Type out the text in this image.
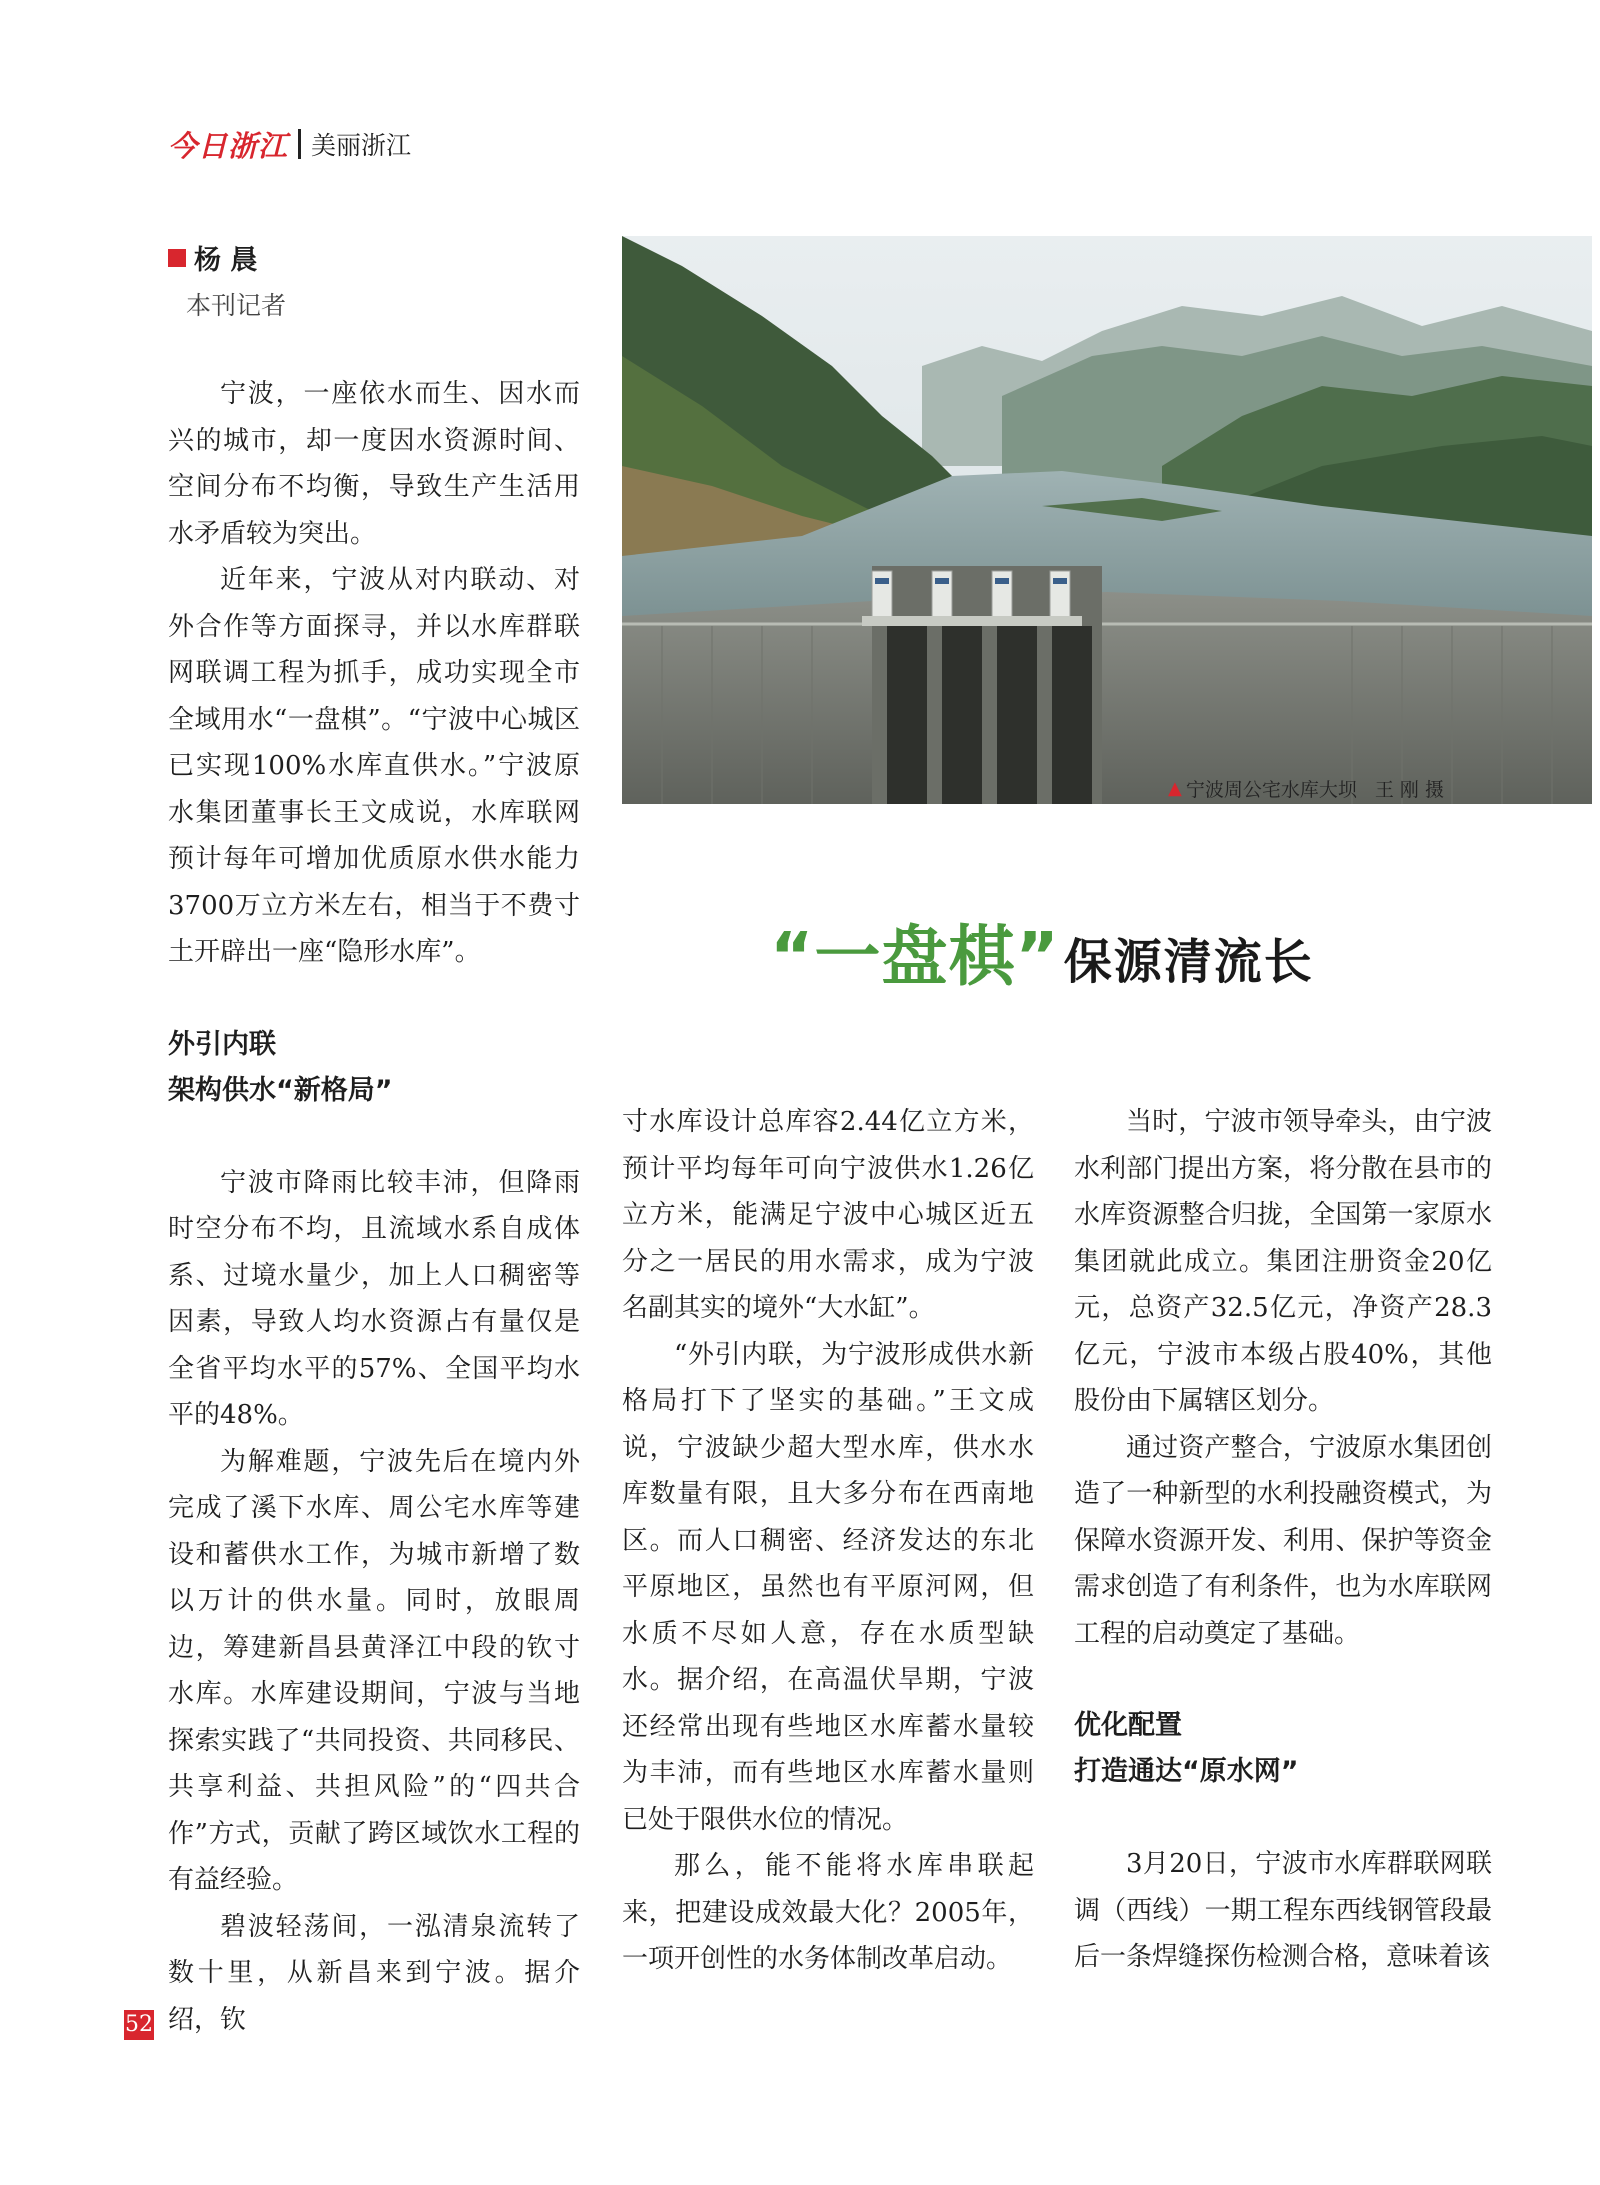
今日浙江 美丽浙江
杨 晨
本刊记者

宁波，一座依水而生、因水而兴的城市，却一度因水资源时间、空间分布不均衡，导致生产生活用水矛盾较为突出。

近年来，宁波从对内联动、对外合作等方面探寻，并以水库群联网联调工程为抓手，成功实现全市全域用水“一盘棋”。“宁波中心城区已实现100%水库直供水。”宁波原水集团董事长王文成说，水库联网预计每年可增加优质原水供水能力3700万立方米左右，相当于不费寸土开辟出一座“隐形水库”。

外引内联

架构供水“新格局”

宁波市降雨比较丰沛，但降雨时空分布不均，且流域水系自成体系、过境水量少，加上人口稠密等因素，导致人均水资源占有量仅是全省平均水平的57%、全国平均水平的48%。

为解难题，宁波先后在境内外完成了溪下水库、周公宅水库等建设和蓄供水工作，为城市新增了数以万计的供水量。同时，放眼周边，筹建新昌县黄泽江中段的钦寸水库。水库建设期间，宁波与当地探索实践了“共同投资、共同移民、共享利益、共担风险”的“四共合作”方式，贡献了跨区域饮水工程的有益经验。

碧波轻荡间，一泓清泉流转了数十里，从新昌来到宁波。据介绍，钦

▲ 宁波周公宅水库大坝 王 刚 摄
“一盘棋” 保源清流长

寸水库设计总库容2.44亿立方米，预计平均每年可向宁波供水1.26亿立方米，能满足宁波中心城区近五分之一居民的用水需求，成为宁波名副其实的境外“大水缸”。

“外引内联，为宁波形成供水新格局打下了坚实的基础。”王文成说，宁波缺少超大型水库，供水水库数量有限，且大多分布在西南地区。而人口稠密、经济发达的东北平原地区，虽然也有平原河网，但水质不尽如人意，存在水质型缺水。据介绍，在高温伏旱期，宁波还经常出现有些地区水库蓄水量较为丰沛，而有些地区水库蓄水量则已处于限供水位的情况。

那么，能不能将水库串联起来，把建设成效最大化？2005年，一项开创性的水务体制改革启动。

当时，宁波市领导牵头，由宁波水利部门提出方案，将分散在县市的水库资源整合归拢，全国第一家原水集团就此成立。集团注册资金20亿元，总资产32.5亿元，净资产28.3亿元，宁波市本级占股40%，其他股份由下属辖区划分。

通过资产整合，宁波原水集团创造了一种新型的水利投融资模式，为保障水资源开发、利用、保护等资金需求创造了有利条件，也为水库联网工程的启动奠定了基础。

优化配置

打造通达“原水网”

3月20日，宁波市水库群联网联调（西线）一期工程东西线钢管段最后一条焊缝探伤检测合格，意味着该

52
